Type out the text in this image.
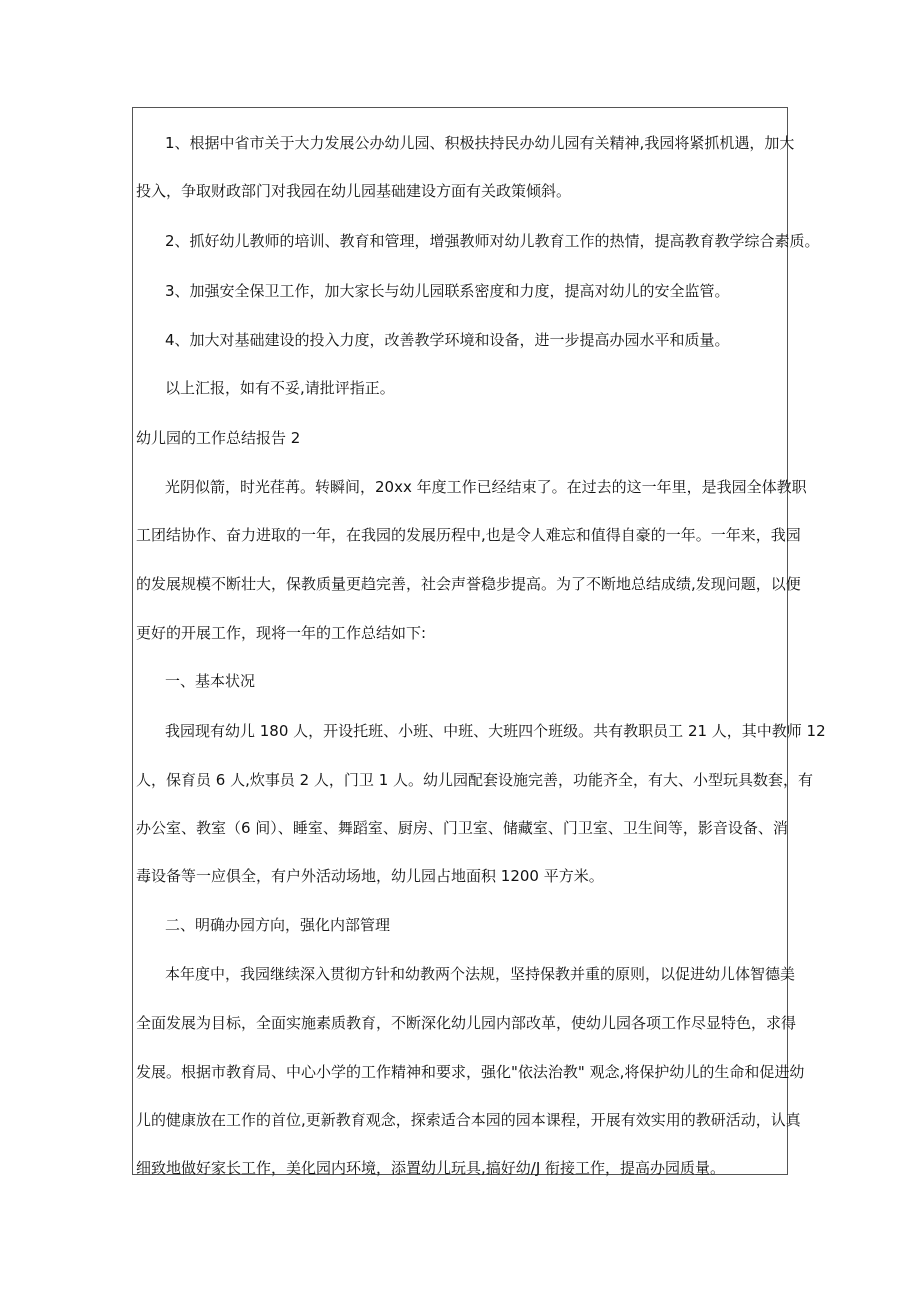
1、根据中省市关于大力发展公办幼儿园、积极扶持民办幼儿园有关精神,我园将紧抓机遇，加大
投入，争取财政部门对我园在幼儿园基础建设方面有关政策倾斜。
2、抓好幼儿教师的培训、教育和管理，增强教师对幼儿教育工作的热情，提高教育教学综合素质。
3、加强安全保卫工作，加大家长与幼儿园联系密度和力度，提高对幼儿的安全监管。
4、加大对基础建设的投入力度，改善教学环境和设备，进一步提高办园水平和质量。
以上汇报，如有不妥,请批评指正。
幼儿园的工作总结报告 2
光阴似箭，时光荏苒。转瞬间，20xx 年度工作已经结束了。在过去的这一年里，是我园全体教职
工团结协作、奋力进取的一年，在我园的发展历程中,也是令人难忘和值得自豪的一年。一年来，我园
的发展规模不断壮大，保教质量更趋完善，社会声誉稳步提高。为了不断地总结成绩,发现问题，以便
更好的开展工作，现将一年的工作总结如下:
一、基本状况
我园现有幼儿 180 人，开设托班、小班、中班、大班四个班级。共有教职员工 21 人，其中教师 12
人，保育员 6 人,炊事员 2 人，门卫 1 人。幼儿园配套设施完善，功能齐全，有大、小型玩具数套，有
办公室、教室（6 间）、睡室、舞蹈室、厨房、门卫室、储藏室、门卫室、卫生间等，影音设备、消
毒设备等一应俱全，有户外活动场地，幼儿园占地面积 1200 平方米。
二、明确办园方向，强化内部管理
本年度中，我园继续深入贯彻方针和幼教两个法规，坚持保教并重的原则，以促进幼儿体智德美
全面发展为目标，全面实施素质教育，不断深化幼儿园内部改革，使幼儿园各项工作尽显特色，求得
发展。根据市教育局、中心小学的工作精神和要求，强化"依法治教" 观念,将保护幼儿的生命和促进幼
儿的健康放在工作的首位,更新教育观念，探索适合本园的园本课程，开展有效实用的教研活动，认真
细致地做好家长工作，美化园内环境，添置幼儿玩具,搞好幼/J 衔接工作，提高办园质量。
